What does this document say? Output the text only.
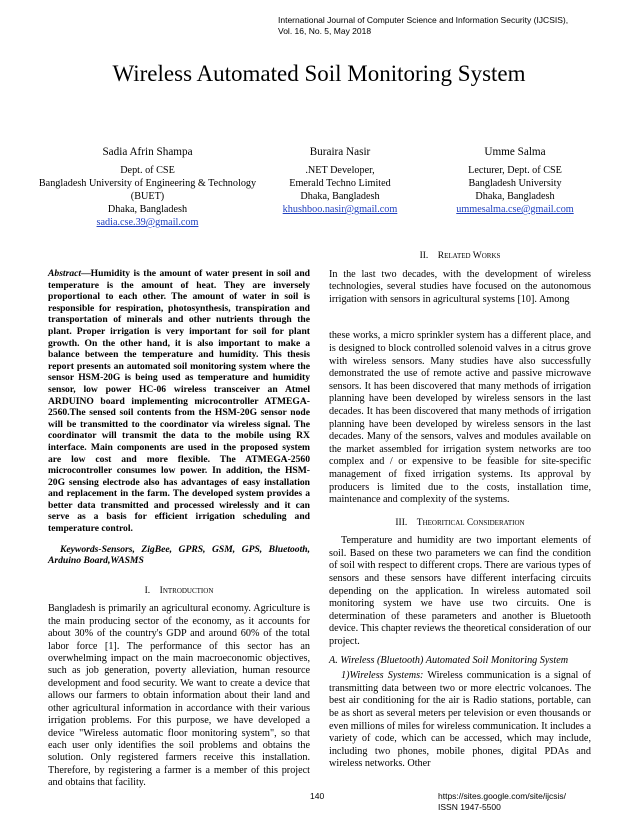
International Journal of Computer Science and Information Security (IJCSIS),
Vol. 16, No. 5, May 2018
Wireless Automated Soil Monitoring System
Sadia Afrin Shampa
Dept. of CSE
Bangladesh University of Engineering & Technology
(BUET)
Dhaka, Bangladesh
sadia.cse.39@gmail.com
Buraira Nasir
.NET Developer,
Emerald Techno Limited
Dhaka, Bangladesh
khushboo.nasir@gmail.com
Umme Salma
Lecturer, Dept. of CSE
Bangladesh University
Dhaka, Bangladesh
ummesalma.cse@gmail.com

Abstract—Humidity is the amount of water present in soil and temperature is the amount of heat. They are inversely proportional to each other. The amount of water in soil is responsible for respiration, photosynthesis, transpiration and transportation of minerals and other nutrients through the plant. Proper irrigation is very important for soil for plant growth. On the other hand, it is also important to make a balance between the temperature and humidity. This thesis report presents an automated soil monitoring system where the sensor HSM-20G is being used as temperature and humidity sensor, low power HC-06 wireless transceiver an Atmel ARDUINO board implementing microcontroller ATMEGA-2560.The sensed soil contents from the HSM-20G sensor node will be transmitted to the coordinator via wireless signal. The coordinator will transmit the data to the mobile using RX interface. Main components are used in the proposed system are low cost and more flexible. The ATMEGA-2560 microcontroller consumes low power. In addition, the HSM-20G sensing electrode also has advantages of easy installation and replacement in the farm. The developed system provides a better data transmitted and processed wirelessly and it can serve as a basis for efficient irrigation scheduling and temperature control.

Keywords-Sensors, ZigBee, GPRS, GSM, GPS, Bluetooth, Arduino Board,WASMS

I. Introduction

Bangladesh is primarily an agricultural economy. Agriculture is the main producing sector of the economy, as it accounts for about 30% of the country's GDP and around 60% of the total labor force [1]. The performance of this sector has an overwhelming impact on the main macroeconomic objectives, such as job generation, poverty alleviation, human resource development and food security. We want to create a device that allows our farmers to obtain information about their land and other agricultural information in accordance with their various irrigation problems. For this purpose, we have developed a device "Wireless automatic floor monitoring system", so that each user only identifies the soil problems and obtains the solution. Only registered farmers receive this installation. Therefore, by registering a farmer is a member of this project and obtains that facility.

II. Related Works

In the last two decades, with the development of wireless technologies, several studies have focused on the autonomous irrigation with sensors in agricultural systems [10]. Among

these works, a micro sprinkler system has a different place, and is designed to block controlled solenoid valves in a citrus grove with wireless sensors. Many studies have also successfully demonstrated the use of remote active and passive microwave sensors. It has been discovered that many methods of irrigation planning have been developed by wireless sensors in the last decades. It has been discovered that many methods of irrigation planning have been developed by wireless sensors in the last decades. Many of the sensors, valves and modules available on the market assembled for irrigation system networks are too complex and / or expensive to be feasible for site-specific management of fixed irrigation systems. Its approval by producers is limited due to the costs, installation time, maintenance and complexity of the systems.

III. Theoritical Consideration

Temperature and humidity are two important elements of soil. Based on these two parameters we can find the condition of soil with respect to different crops. There are various types of sensors and these sensors have different interfacing circuits depending on the application. In wireless automated soil monitoring system we have use two circuits. One is determination of these parameters and another is Bluetooth device. This chapter reviews the theoretical consideration of our project.

A. Wireless (Bluetooth) Automated Soil Monitoring System

1)Wireless Systems: Wireless communication is a signal of transmitting data between two or more electric volcanoes. The best air conditioning for the air is Radio stations, portable, can be as short as several meters per television or even thousands or even millions of miles for wireless communication. It includes a variety of code, which can be accessed, which may include, including two phones, mobile phones, digital PDAs and wireless networks. Other

140	https://sites.google.com/site/ijcsis/
ISSN 1947-5500
